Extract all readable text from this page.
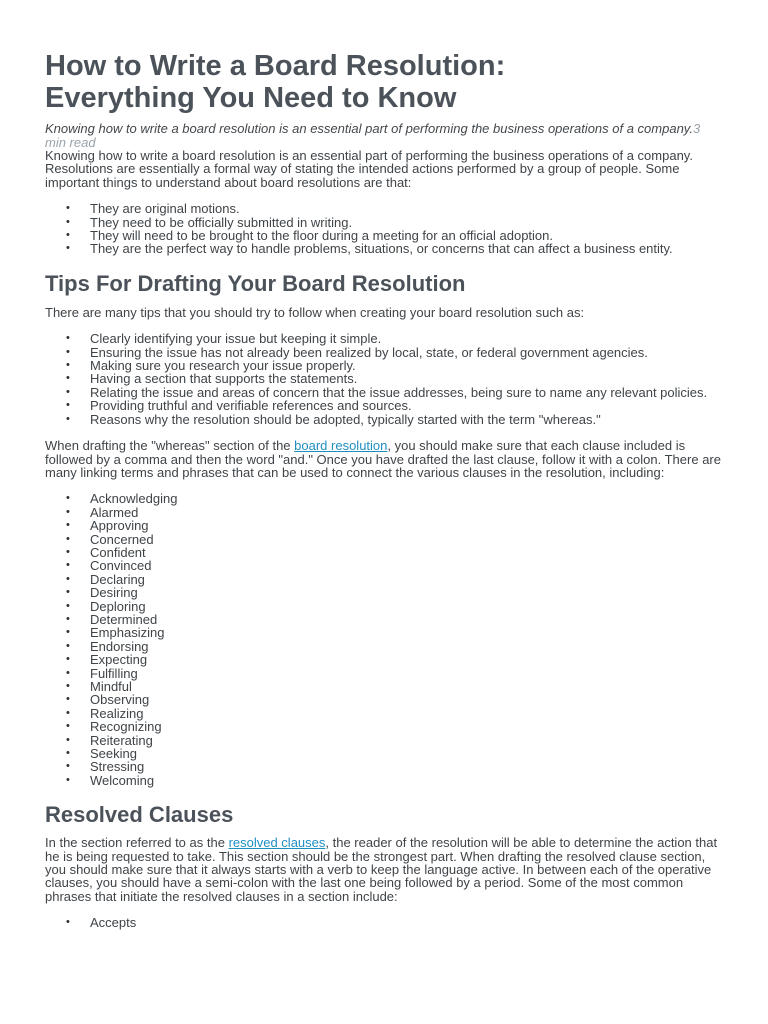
How to Write a Board Resolution:
Everything You Need to Know

Knowing how to write a board resolution is an essential part of performing the business operations of a company.3 min read

Knowing how to write a board resolution is an essential part of performing the business operations of a company. Resolutions are essentially a formal way of stating the intended actions performed by a group of people. Some important things to understand about board resolutions are that:

• They are original motions.
• They need to be officially submitted in writing.
• They will need to be brought to the floor during a meeting for an official adoption.
• They are the perfect way to handle problems, situations, or concerns that can affect a business entity.
Tips For Drafting Your Board Resolution

There are many tips that you should try to follow when creating your board resolution such as:

• Clearly identifying your issue but keeping it simple.
• Ensuring the issue has not already been realized by local, state, or federal government agencies.
• Making sure you research your issue properly.
• Having a section that supports the statements.
• Relating the issue and areas of concern that the issue addresses, being sure to name any relevant policies.
• Providing truthful and verifiable references and sources.
• Reasons why the resolution should be adopted, typically started with the term "whereas."

When drafting the "whereas" section of the board resolution, you should make sure that each clause included is followed by a comma and then the word "and." Once you have drafted the last clause, follow it with a colon. There are many linking terms and phrases that can be used to connect the various clauses in the resolution, including:

• Acknowledging
• Alarmed
• Approving
• Concerned
• Confident
• Convinced
• Declaring
• Desiring
• Deploring
• Determined
• Emphasizing
• Endorsing
• Expecting
• Fulfilling
• Mindful
• Observing
• Realizing
• Recognizing
• Reiterating
• Seeking
• Stressing
• Welcoming
Resolved Clauses

In the section referred to as the resolved clauses, the reader of the resolution will be able to determine the action that he is being requested to take. This section should be the strongest part. When drafting the resolved clause section, you should make sure that it always starts with a verb to keep the language active. In between each of the operative clauses, you should have a semi-colon with the last one being followed by a period. Some of the most common phrases that initiate the resolved clauses in a section include:

• Accepts
